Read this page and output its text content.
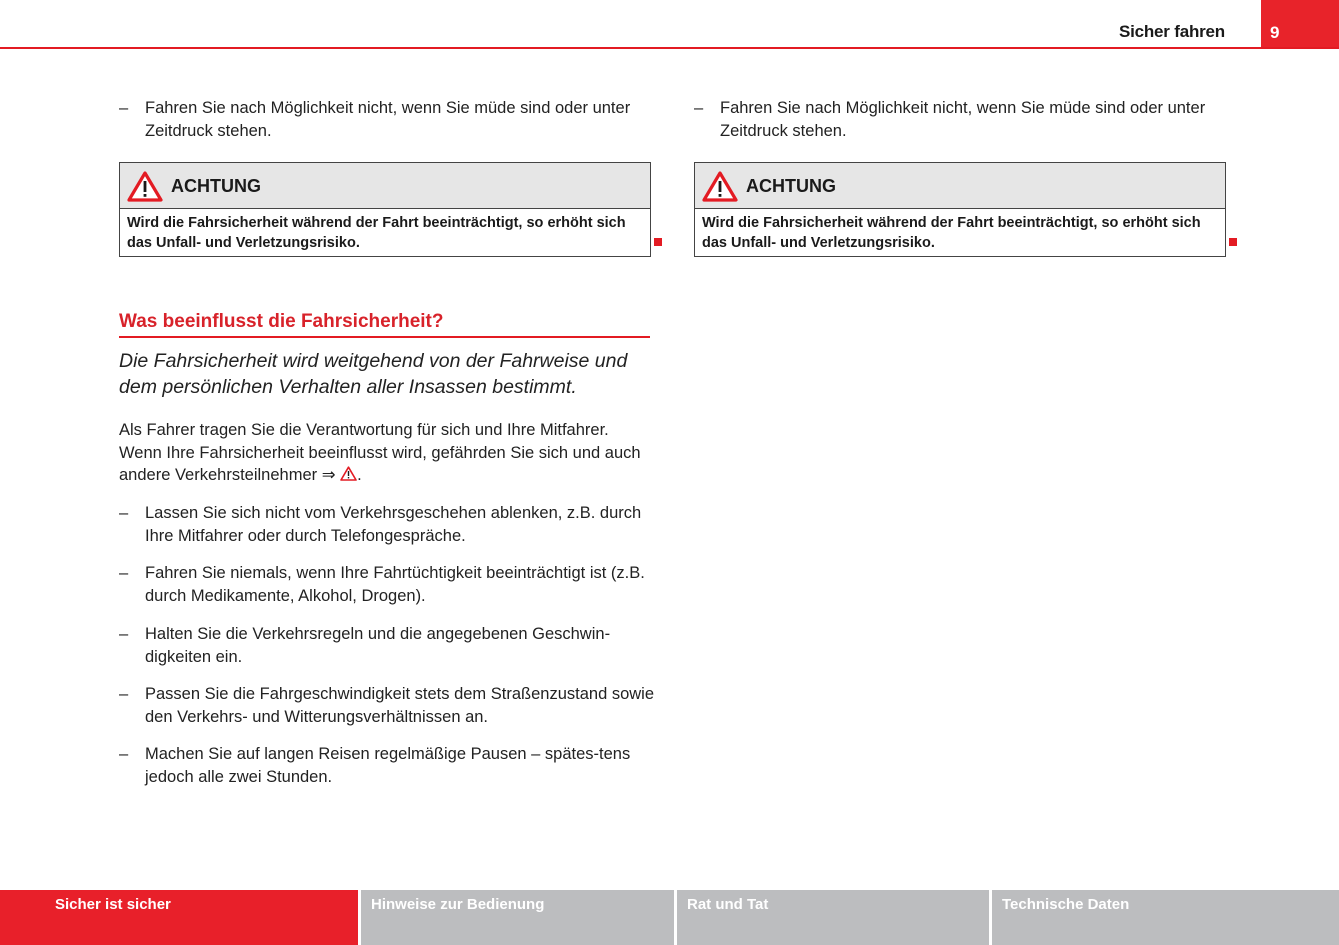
Sicher fahren	9
– Fahren Sie nach Möglichkeit nicht, wenn Sie müde sind oder unter Zeitdruck stehen.
ACHTUNG
Wird die Fahrsicherheit während der Fahrt beeinträchtigt, so erhöht sich das Unfall- und Verletzungsrisiko.
Was beeinflusst die Fahrsicherheit?
Die Fahrsicherheit wird weitgehend von der Fahrweise und dem persönlichen Verhalten aller Insassen bestimmt.
Als Fahrer tragen Sie die Verantwortung für sich und Ihre Mitfahrer. Wenn Ihre Fahrsicherheit beeinflusst wird, gefährden Sie sich und auch andere Verkehrsteilnehmer ⇒ .
– Lassen Sie sich nicht vom Verkehrsgeschehen ablenken, z.B. durch Ihre Mitfahrer oder durch Telefongespräche.
– Fahren Sie niemals, wenn Ihre Fahrtüchtigkeit beeinträchtigt ist (z.B. durch Medikamente, Alkohol, Drogen).
– Halten Sie die Verkehrsregeln und die angegebenen Geschwin-digkeiten ein.
– Passen Sie die Fahrgeschwindigkeit stets dem Straßenzustand sowie den Verkehrs- und Witterungsverhältnissen an.
– Machen Sie auf langen Reisen regelmäßige Pausen – spätes-tens jedoch alle zwei Stunden.
– Fahren Sie nach Möglichkeit nicht, wenn Sie müde sind oder unter Zeitdruck stehen.
ACHTUNG
Wird die Fahrsicherheit während der Fahrt beeinträchtigt, so erhöht sich das Unfall- und Verletzungsrisiko.
Sicher ist sicher	Hinweise zur Bedienung	Rat und Tat	Technische Daten
